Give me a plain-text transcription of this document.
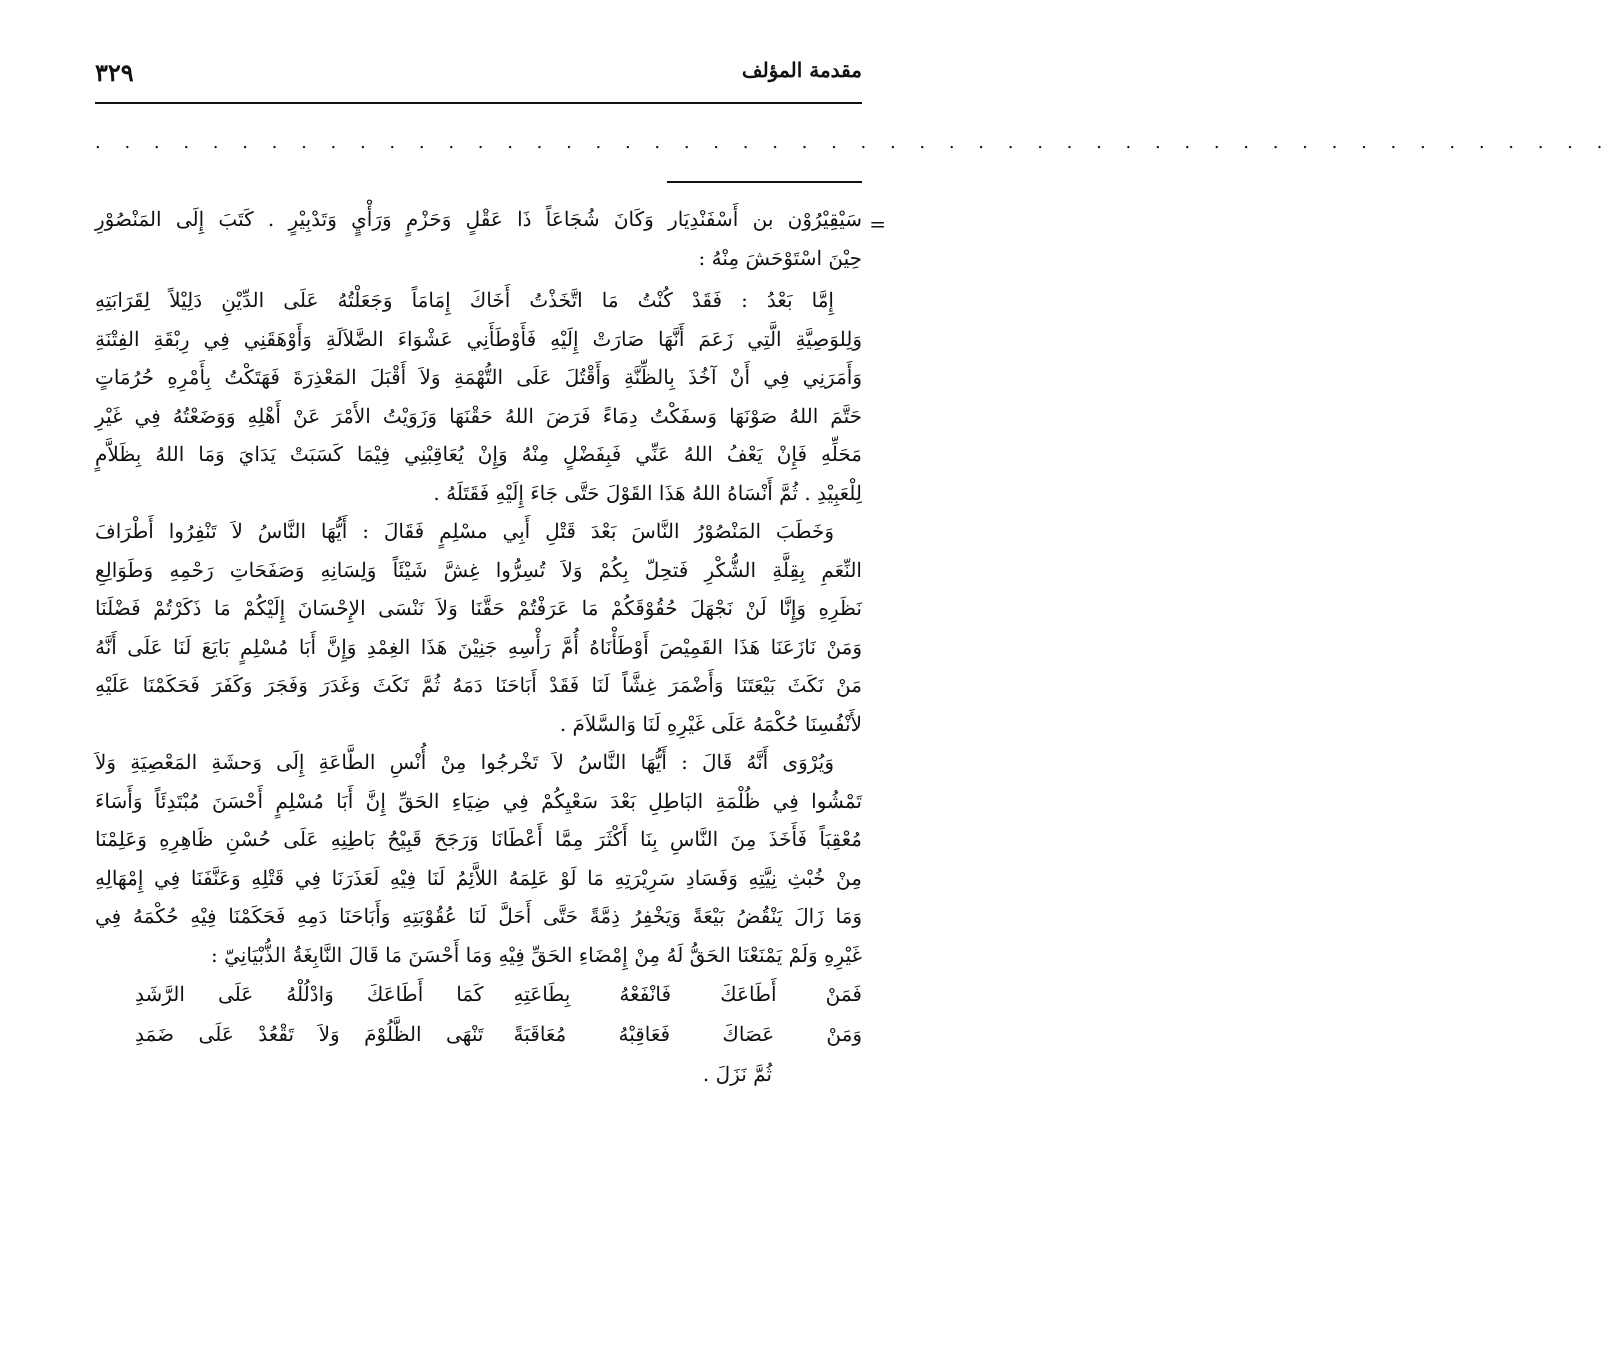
مقدمة المؤلف
٣٢٩
. . . . . . . . . . . . . . . . . . . . . . . . . . . . . . . . . . . . . . . . . . . . . . . . . . . .
=
سَيْقِيْرُوْن بن أَسْفَنْدِيَار وَكَانَ شُجَاعَاً ذَا عَقْلٍ وَحَزْمٍ وَرَأْيٍ وَتَدْبِيْرٍ . كَتَبَ إِلَى المَنْصُوْرِ
حِيْنَ اسْتَوْحَشَ مِنْهُ :
إِمَّا بَعْدُ : فَقَدْ كُنْتُ مَا اتَّخَذْتُ أَخَاكَ إِمَامَاً وَجَعَلْتُهُ عَلَى الدِّيْنِ دَلِيْلاً لِقَرَابَتِهِ
وَلِلوَصِيَّةِ الَّتِي زَعَمَ أَنَّهَا صَارَتْ إِلَيْهِ فَأَوْطَأَنِي عَشْوَاءَ الضَّلاَلَةِ وَأَوْهَقَنِي فِي رِبْقَةِ الفِتْنَةِ
وَأَمَرَنِي فِي أَنْ آخُذَ بِالظِّنَّةِ وَأَقْتُلَ عَلَى التُّهْمَةِ وَلاَ أَقْبَلَ المَعْذِرَةَ فَهَتَكْتُ بِأَمْرِهِ حُرُمَاتٍ
حَتَّمَ اللهُ صَوْنَهَا وَسفَكْتُ دِمَاءً فَرَضَ اللهُ حَقْنَهَا وَزَوَيْتُ الأَمْرَ عَنْ أَهْلِهِ وَوَضَعْتُهُ فِي غَيْرِ
مَحَلِّهِ فَإِنْ يَعْفُ اللهُ عَنِّي فَبِفَضْلٍ مِنْهُ وَإِنْ يُعَاقِبْنِي فِيْمَا كَسَبَتْ يَدَايَ وَمَا اللهُ بِظَلاَّمٍ
لِلْعَبِيْدِ . ثُمَّ أَنْسَاهُ اللهُ هَذَا القَوْلَ حَتَّى جَاءَ إِلَيْهِ فَقَتَلَهُ .
وَخَطَبَ المَنْصُوْرُ النَّاسَ بَعْدَ قَتْلِ أَبِي مسْلِمٍ فَقَالَ : أَيُّهَا النَّاسُ لاَ تَنْفِرُوا أَطْرَافَ
النِّعَمِ بِقِلَّةِ الشُّكْرِ فَتحِلّ بِكُمْ وَلاَ تُسِرُّوا غِشَّ شَيْئَاً وَلِسَانِهِ وَصَفَحَاتِ رَحْمِهِ وَطَوَالِعِ
نَظَرِهِ وَإِنَّا لَنْ نَجْهَلَ حُقُوْقَكُمْ مَا عَرَفْتُمْ حَقَّنَا وَلاَ نَنْسَى الإِحْسَانَ إِلَيْكُمْ مَا ذَكَرْتُمْ فَضْلَنَا
وَمَنْ نَازَعَنَا هَذَا القَمِيْصَ أَوْطَأْنَاهُ أُمَّ رَأْسِهِ جَنِيْنَ هَذَا الغِمْدِ وَإِنَّ أَبَا مُسْلِمٍ بَايَعَ لَنَا عَلَى أَنَّهُ
مَنْ نَكَثَ بَيْعَتَنَا وَأَضْمَرَ غِشَّاً لَنَا فَقَدْ أَبَاحَنَا دَمَهُ ثُمَّ نَكَثَ وَغَدَرَ وَفَجَرَ وَكَفَرَ فَحَكَمْنَا عَلَيْهِ
لأَنْفُسِنَا حُكْمَهُ عَلَى غَيْرِهِ لَنَا وَالسَّلاَمَ .
وَيُرْوَى أَنَّهُ قَالَ : أَيُّهَا النَّاسُ لاَ تَخْرجُوا مِنْ أُنْسِ الطَّاعَةِ إِلَى وَحشَةِ المَعْصِيَةِ وَلاَ
تَمْشُوا فِي ظُلْمَةِ البَاطِلِ بَعْدَ سَعْيِكُمْ فِي ضِيَاءِ الحَقِّ إِنَّ أَبَا مُسْلِمٍ أَحْسَنَ مُبْتَدِئَاً وَأَسَاءَ
مُعْقِبَاً فَأَخَذَ مِنَ النَّاسِ بِنَا أَكْثَرَ مِمَّا أَعْطَانَا وَرَجَحَ قَبِيْحُ بَاطِنِهِ عَلَى حُسْنِ ظَاهِرِهِ وَعَلِمْنَا
مِنْ خُبْثِ نِيَّتِهِ وَفَسَادِ سَرِيْرَتِهِ مَا لَوْ عَلِمَهُ اللاَّئِمُ لَنَا فِيْهِ لَعَذَرَنَا فِي قَتْلِهِ وَعَنَّفَنَا فِي إِمْهَالِهِ
وَمَا زَالَ يَنْقُضُ بَيْعَةً وَيَخْفِرُ ذِمَّةً حَتَّى أَحَلَّ لَنَا عُقُوْبَتِهِ وَأَبَاحَنَا دَمِهِ فَحَكَمْنَا فِيْهِ حُكْمَهُ فِي
غَيْرِهِ وَلَمْ يَمْنَعْنَا الحَقُّ لَهُ مِنْ إِمْضَاءِ الحَقِّ فِيْهِ وَمَا أَحْسَنَ مَا قَالَ النَّابِغَةُ الذُّبْيَانِيّ :
فَمَنْ أَطَاعَكَ فَانْفَعْهُ بِطَاعَتِهِ
كَمَا أَطَاعَكَ وَادْلُلْهُ عَلَى الرَّشَدِ
وَمَنْ عَصَاكَ فَعَاقِبْهُ مُعَاقَبَةً
تَنْهَى الظَّلُوْمَ وَلاَ تَقْعُدْ عَلَى ضَمَدِ
ثُمَّ نَزَلَ .
